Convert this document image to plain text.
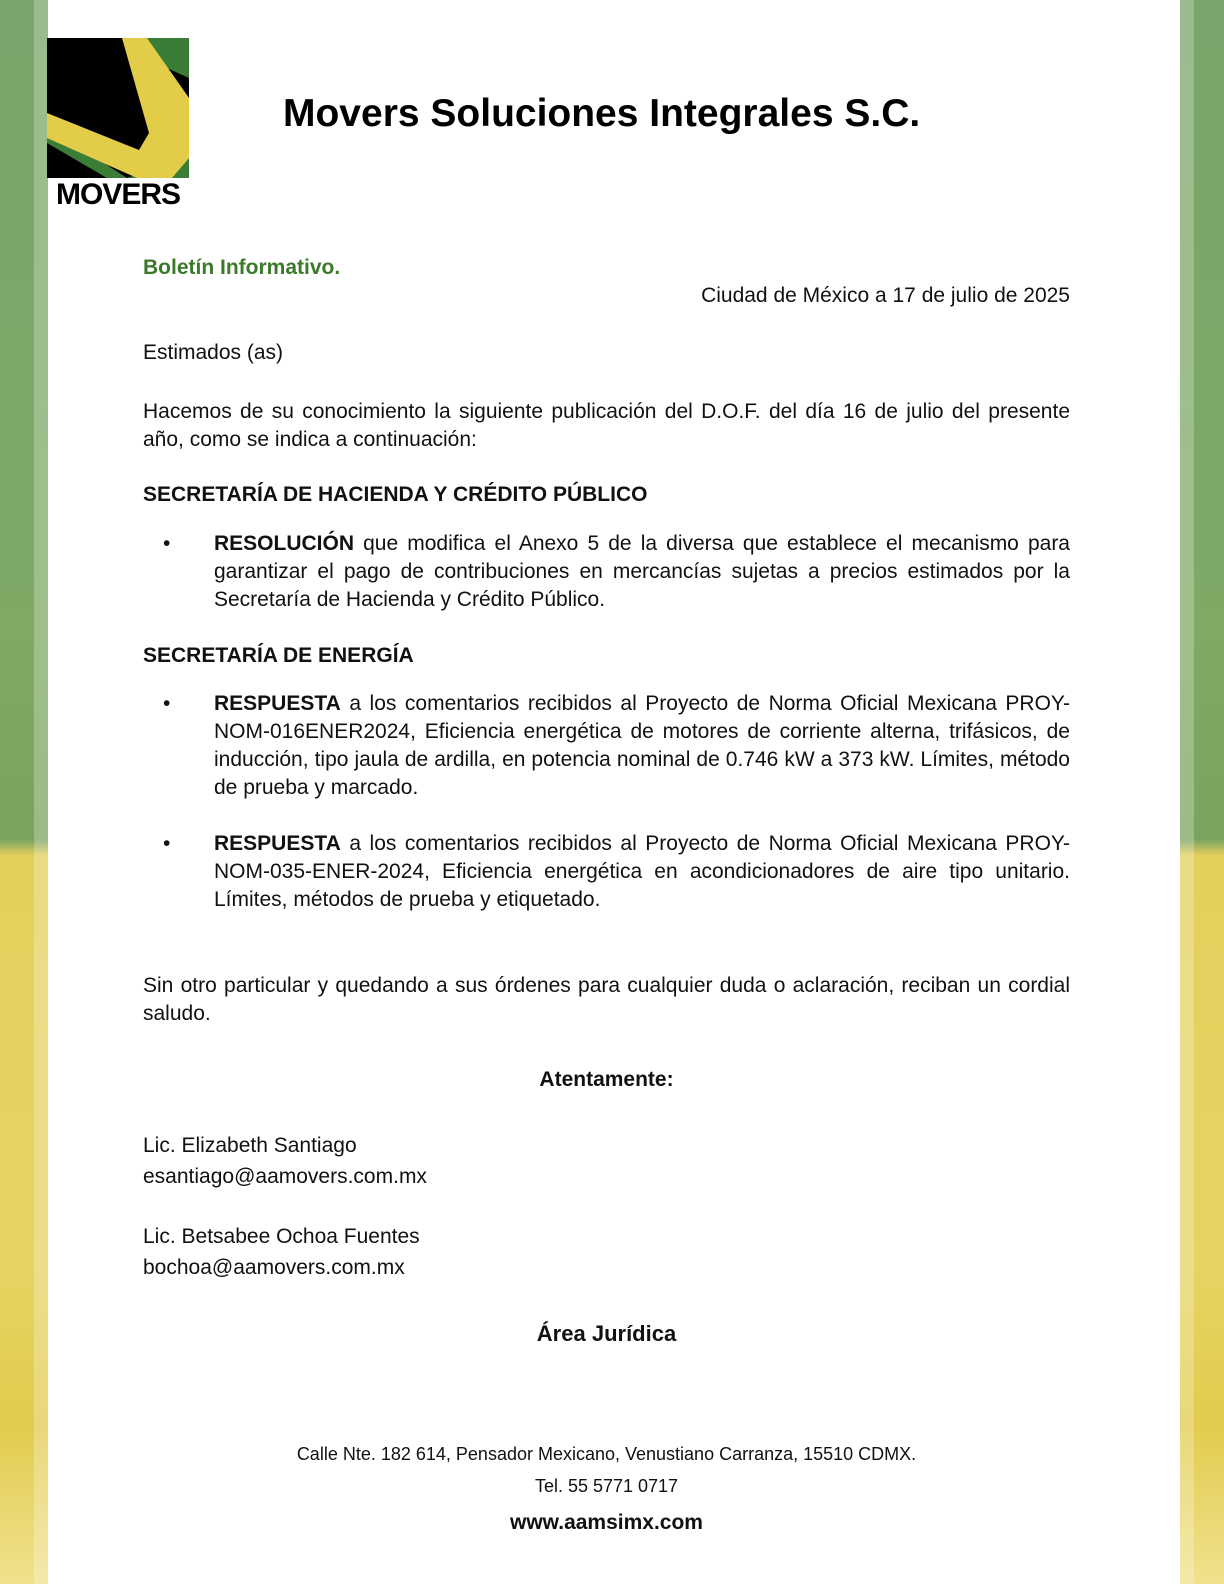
MOVERS
Movers Soluciones Integrales S.C.
Boletín Informativo.
Ciudad de México a 17 de julio de 2025
Estimados (as)
Hacemos de su conocimiento la siguiente publicación del D.O.F. del día 16 de julio del presente año, como se indica a continuación:
SECRETARÍA DE HACIENDA Y CRÉDITO PÚBLICO
• RESOLUCIÓN que modifica el Anexo 5 de la diversa que establece el mecanismo para garantizar el pago de contribuciones en mercancías sujetas a precios estimados por la Secretaría de Hacienda y Crédito Público.
SECRETARÍA DE ENERGÍA
• RESPUESTA a los comentarios recibidos al Proyecto de Norma Oficial Mexicana PROY-NOM-016ENER2024, Eficiencia energética de motores de corriente alterna, trifásicos, de inducción, tipo jaula de ardilla, en potencia nominal de 0.746 kW a 373 kW. Límites, método de prueba y marcado.
• RESPUESTA a los comentarios recibidos al Proyecto de Norma Oficial Mexicana PROY-NOM-035-ENER-2024, Eficiencia energética en acondicionadores de aire tipo unitario. Límites, métodos de prueba y etiquetado.
Sin otro particular y quedando a sus órdenes para cualquier duda o aclaración, reciban un cordial saludo.
Atentamente:
Lic. Elizabeth Santiago
esantiago@aamovers.com.mx
Lic. Betsabee Ochoa Fuentes
bochoa@aamovers.com.mx
Área Jurídica
Calle Nte. 182 614, Pensador Mexicano, Venustiano Carranza, 15510 CDMX.
Tel. 55 5771 0717
www.aamsimx.com
